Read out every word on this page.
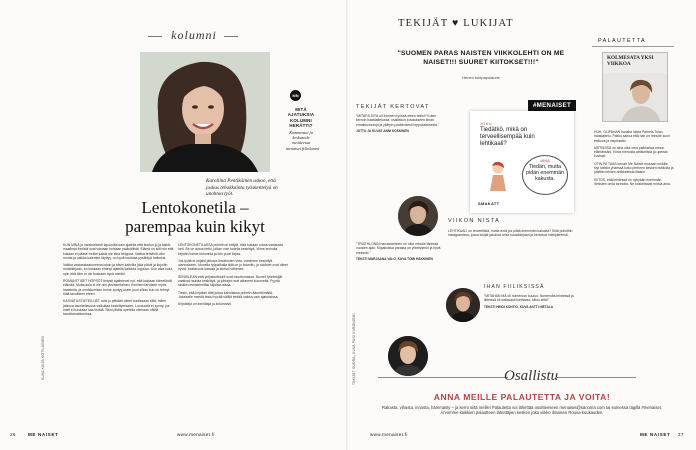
kolumni
Karoliina Pentikäinen uskoo, että joskus tehokkainta työskentelyä on unohtaa työt.
MN
MITÄ AJATUKSIA KOLUMNI HERÄTTI?
Kommentoi ja keskustele osoitteessa menaiset.fi/kolumni
Lentokonetila –
parempaa kuin kikyt

KUN MINÄ jo varsinaisesti lapsuutta sain ajatella että kuulun jo ja kaikki maailmat ihmisiä ovat toisiaan kohtaan ystävällisiä. Elämä on silti niin että kukaan ei pääse muttei kaikki ole aina helppoa. Vaikka tehtäviä olisi monta ja vaikka kalenteri täyttyy, on hyvä muistaa pysähtyä hetkeksi.

Vaikka vastarakastuneena istuin ja kävin kahvilla joka päivä ja kirjoitin muistikirjaan, en koskaan ehtinyt ajatella kaikkea loppuun. Kun aika kului, opin että kiire ei ole koskaan hyvä merkki.

ROMANTTISET HÖPSÖT tietysti ajattelevat nyt, että kaipaan kiireetöntä elämää. Mutta asia ei ole niin yksinkertainen. Ihminen tarvitsee myös haasteita, ja onnistumisen tunne syntyy usein juuri silloin kun on tehnyt töitä tavoitteen eteen.

KASVATUSTIETEILIJÄT ovat jo pitkään olleet huolissaan siitä, miten jatkuva tavoitettavuus vaikuttaa keskittymiseen. Luovuutta ei synny, jos mieli ei koskaan saa levätä. Siksi pitäisi opetella olemaan välillä tavoittamattomissa.

LENTOKONETILASSA puhelin ei hälytä, eikä kukaan odota vastausta heti. Se on ainoa hetki, jolloin voin todella keskittyä. Viime lennolla kirjoitin kolme kolumnia ja luin puoli kirjaa.

Jos työtä ei ohjaisi jatkuva ilmoitusten virta, voisimme keskittyä olennaiseen. Monella työpaikalla tätä on jo kokeiltu, ja tulokset ovat olleet hyviä: tuottavuus kasvaa ja stressi vähenee.

SENSILEAN että yrityskulttuurit ovat muuttumassa. Nuoret työntekijät vaativat rauhaa keskittyä, ja johtajat ovat alkaneet kuunnella. Pyydä sinäkin esimieheltäsi hiljaista aikaa.

Tiesin, että kirjoitan tätä juttua kahvilassa puhelin äänettömällä. Jokaiselle meistä tekisi hyvää välillä lentää vaikka vain ajatuksissa.

Kirjoittaja on toimittaja ja kolumnisti.

KUVA KAIJA KOTILAINEN
26	ME NAISET	www.menaiset.fi
TEKIJÄT ♥ LUKIJAT
PALAUTETTA
"SUOMEN PARAS NAISTEN VIIKKOLEHTI ON ME NAISET!!! SUURET KIITOKSET!!!"
Henen tukipapolaurie
TEKIJÄT KERTOVAT

"MITÄPÄ SITÄ oli ihminen työnsä eteen tekisi? Kuten kerroin haastattelussa, osallistuin kuvaukseen ilman ennakkoluuloja ja yllätyin positiivisesti lopputuloksesta."

JUTTU JA KUVAT ANNI KOSKINEN

"TRIATHLONIN harrastaminen on ollut minulle tärkeää vuosien ajan. Kilpailuissa parasta on yhteishenki ja hyvä meininki."

TEKSTI MARJAANA VALO, KUVA TOMI HÄKKINEN

#MENAISET
JOKU
Tiedätkö, mikä on terveellisempää kuin lehtikaali?
MINÄ
Tiedän, mutta pidän enemmän kakusta.
SMAKATT
VIIKON NISTA
LEHTIKAALI on terveellistä, mutta entä jos pitää enemmän kakusta? Siitä puhuttiin instagramissa, jossa lukijat jakoivat omia suosikkejaan ja kertoivat mielipiteensä.
IHAN FIILIKSISSÄ

"MITÄHÄN MÄ oli numeroon kuuluu. Numeroita lehdessä ja liitteissä oli valtavasti luettavaa, kiitos siitä!"

TEKSTI HEIDI KONTIO, KUVA ANTTI HIETALA

KOLMESATA YKSI VIIKKOA

HUH, OLIPAHAN hauska lukea Pamela Tolan haastattelu. Pakko sanoa että hän on minulle suuri esikuva ja inspiraatio.

METSISSÄ on aina ollut oma paikkansa minun elämässäni. Kiitos hienosta artikkelista ja upeista kuvista!

OTIN PA TAAS kerran Me Naiset mukaan mökille. Nyt luettiin yhdessä koko perheen kesken ristikoita ja juteltiin lehden artikkeleista iltaisin.

KIITOS, että lehdessä on nykyään enemmän ihmisten omia tarinoita. Ne koskettavat minua aina.

TEKIJÄT SUORA, KUVA PASI KIIRONIEMI	Osallistu
ANNA MEILLE PALAUTETTA JA VOITA!
Rakasta, vihasta, innosta, hämmästy – ja kerro siitä meille! Palautetta voi lähettää osoitteeseen menaiset@sanoma.com tai somessa tägillä #menaiset. Arvomme kaikkien palautteen lähettäjien kesken joka viikko ilmaisen Rouva-kuukauden.
www.menaiset.fi	ME NAISET 27
